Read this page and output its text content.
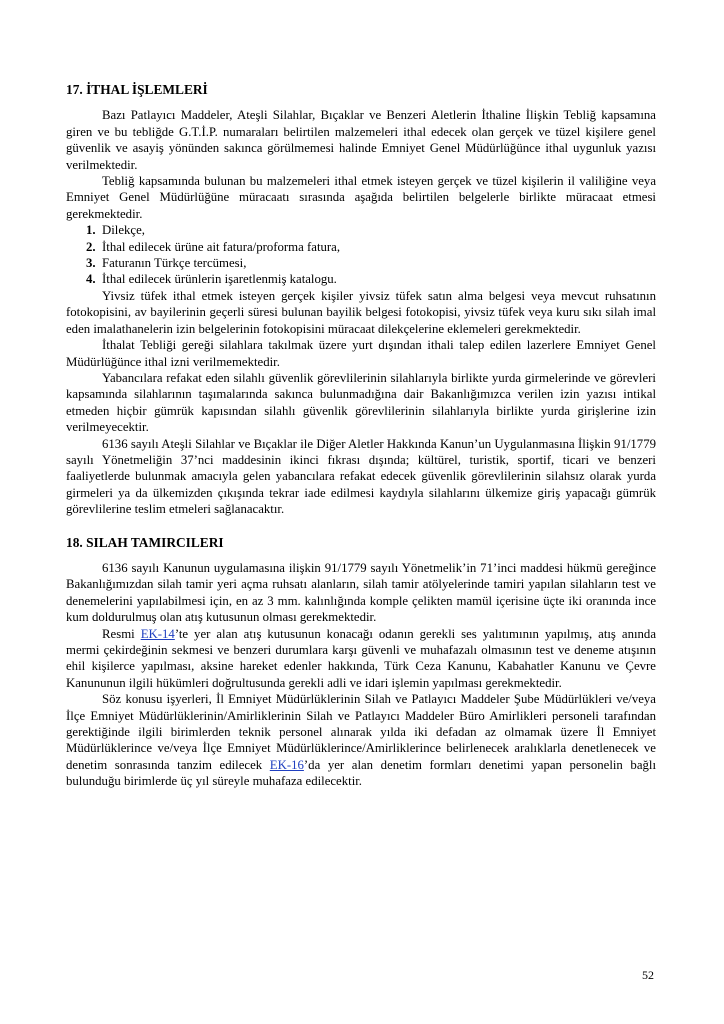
17. İTHAL İŞLEMLERİ

Bazı Patlayıcı Maddeler, Ateşli Silahlar, Bıçaklar ve Benzeri Aletlerin İthaline İlişkin Tebliğ kapsamına giren ve bu tebliğde G.T.İ.P. numaraları belirtilen malzemeleri ithal edecek olan gerçek ve tüzel kişilere genel güvenlik ve asayiş yönünden sakınca görülmemesi halinde Emniyet Genel Müdürlüğünce ithal uygunluk yazısı verilmektedir.

Tebliğ kapsamında bulunan bu malzemeleri ithal etmek isteyen gerçek ve tüzel kişilerin il valiliğine veya Emniyet Genel Müdürlüğüne müracaatı sırasında aşağıda belirtilen belgelerle birlikte müracaat etmesi gerekmektedir.

1. Dilekçe,
2. İthal edilecek ürüne ait fatura/proforma fatura,
3. Faturanın Türkçe tercümesi,
4. İthal edilecek ürünlerin işaretlenmiş katalogu.

Yivsiz tüfek ithal etmek isteyen gerçek kişiler yivsiz tüfek satın alma belgesi veya mevcut ruhsatının fotokopisini, av bayilerinin geçerli süresi bulunan bayilik belgesi fotokopisi, yivsiz tüfek veya kuru sıkı silah imal eden imalathanelerin izin belgelerinin fotokopisini müracaat dilekçelerine eklemeleri gerekmektedir.

İthalat Tebliği gereği silahlara takılmak üzere yurt dışından ithali talep edilen lazerlere Emniyet Genel Müdürlüğünce ithal izni verilmemektedir.

Yabancılara refakat eden silahlı güvenlik görevlilerinin silahlarıyla birlikte yurda girmelerinde ve görevleri kapsamında silahlarının taşımalarında sakınca bulunmadığına dair Bakanlığımızca verilen izin yazısı intikal etmeden hiçbir gümrük kapısından silahlı güvenlik görevlilerinin silahlarıyla birlikte yurda girişlerine izin verilmeyecektir.

6136 sayılı Ateşli Silahlar ve Bıçaklar ile Diğer Aletler Hakkında Kanun’un Uygulanmasına İlişkin 91/1779 sayılı Yönetmeliğin 37’nci maddesinin ikinci fıkrası dışında; kültürel, turistik, sportif, ticari ve benzeri faaliyetlerde bulunmak amacıyla gelen yabancılara refakat edecek güvenlik görevlilerinin silahsız olarak yurda girmeleri ya da ülkemizden çıkışında tekrar iade edilmesi kaydıyla silahlarını ülkemize giriş yapacağı gümrük görevlilerine teslim etmeleri sağlanacaktır.

18. SILAH TAMIRCILERI

6136 sayılı Kanunun uygulamasına ilişkin 91/1779 sayılı Yönetmelik’in 71’inci maddesi hükmü gereğince Bakanlığımızdan silah tamir yeri açma ruhsatı alanların, silah tamir atölyelerinde tamiri yapılan silahların test ve denemelerini yapılabilmesi için, en az 3 mm. kalınlığında komple çelikten mamül içerisine üçte iki oranında ince kum doldurulmuş olan atış kutusunun olması gerekmektedir.

Resmi EK-14’te yer alan atış kutusunun konacağı odanın gerekli ses yalıtımının yapılmış, atış anında mermi çekirdeğinin sekmesi ve benzeri durumlara karşı güvenli ve muhafazalı olmasının test ve deneme atışının ehil kişilerce yapılması, aksine hareket edenler hakkında, Türk Ceza Kanunu, Kabahatler Kanunu ve Çevre Kanununun ilgili hükümleri doğrultusunda gerekli adli ve idari işlemin yapılması gerekmektedir.

Söz konusu işyerleri, İl Emniyet Müdürlüklerinin Silah ve Patlayıcı Maddeler Şube Müdürlükleri ve/veya İlçe Emniyet Müdürlüklerinin/Amirliklerinin Silah ve Patlayıcı Maddeler Büro Amirlikleri personeli tarafından gerektiğinde ilgili birimlerden teknik personel alınarak yılda iki defadan az olmamak üzere İl Emniyet Müdürlüklerince ve/veya İlçe Emniyet Müdürlüklerince/Amirliklerince belirlenecek aralıklarla denetlenecek ve denetim sonrasında tanzim edilecek EK-16’da yer alan denetim formları denetimi yapan personelin bağlı bulunduğu birimlerde üç yıl süreyle muhafaza edilecektir.

52
